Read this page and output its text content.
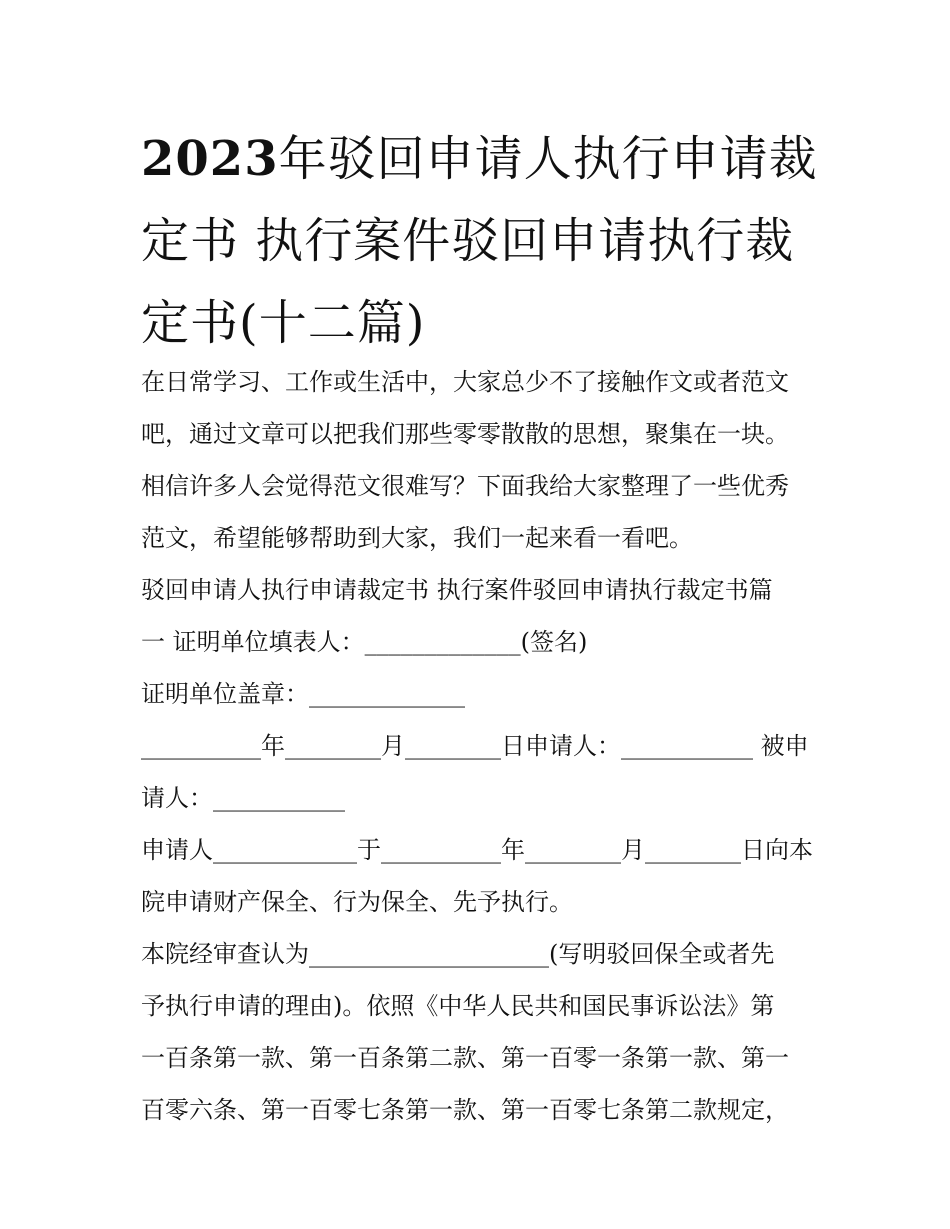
2023年驳回申请人执行申请裁
定书 执行案件驳回申请执行裁
定书(十二篇)

在日常学习、工作或生活中，大家总少不了接触作文或者范文

吧，通过文章可以把我们那些零零散散的思想，聚集在一块。

相信许多人会觉得范文很难写？下面我给大家整理了一些优秀

范文，希望能够帮助到大家，我们一起来看一看吧。

驳回申请人执行申请裁定书 执行案件驳回申请执行裁定书篇

一 证明单位填表人：_____________(签名)

证明单位盖章：_____________

__________年________月________日申请人：___________ 被申

请人：___________

申请人____________于__________年________月________日向本

院申请财产保全、行为保全、先予执行。

本院经审查认为____________________(写明驳回保全或者先

予执行申请的理由)。依照《中华人民共和国民事诉讼法》第

一百条第一款、第一百条第二款、第一百零一条第一款、第一

百零六条、第一百零七条第一款、第一百零七条第二款规定，
